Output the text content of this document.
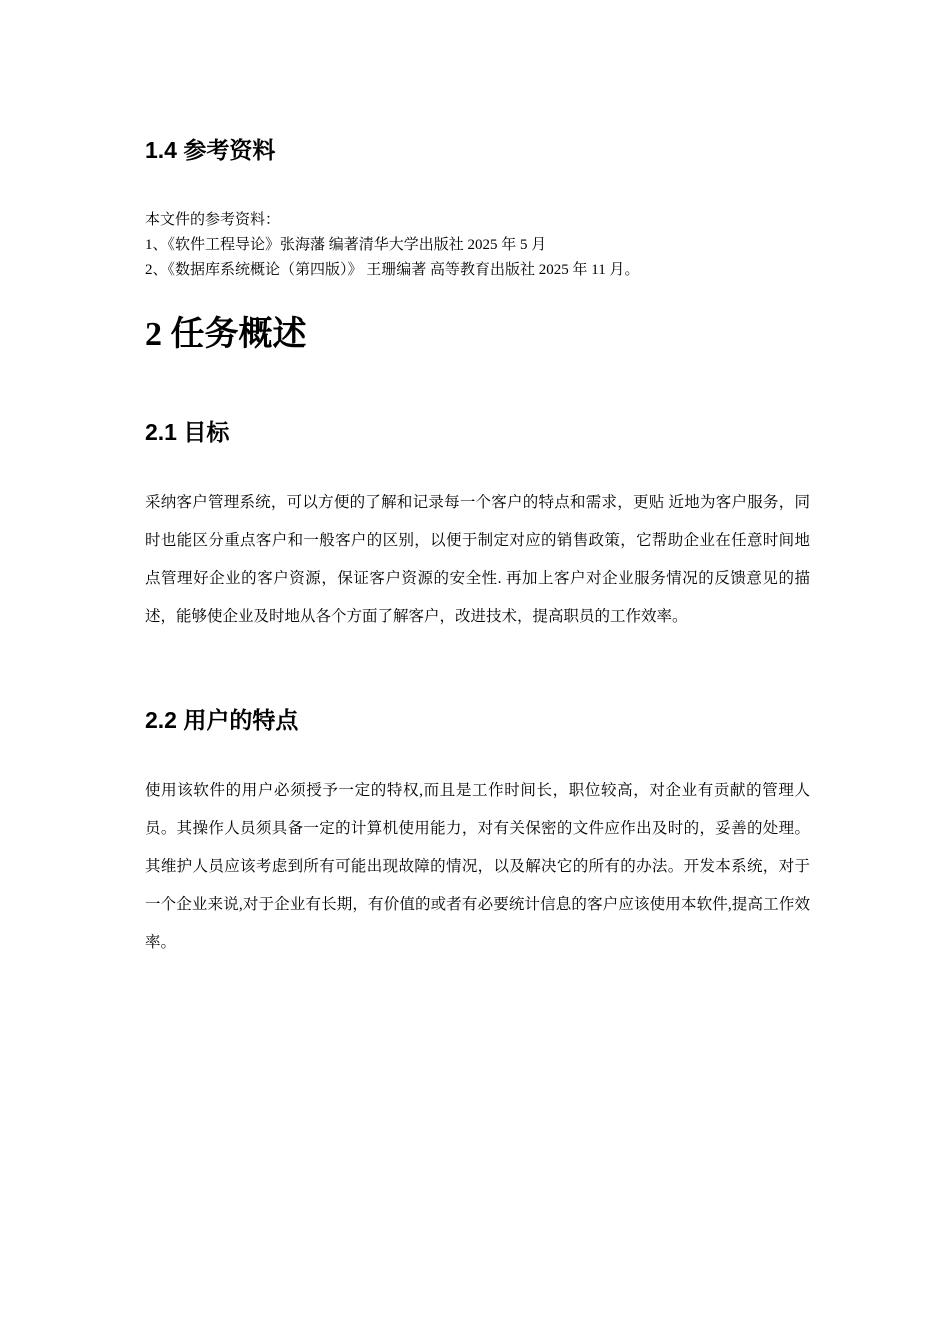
1.4 参考资料
本文件的参考资料：
1、《软件工程导论》张海藩 编著清华大学出版社 2025 年 5 月
2、《数据库系统概论（第四版）》 王珊编著 高等教育出版社 2025 年 11 月。
2 任务概述
2.1 目标

采纳客户管理系统，可以方便的了解和记录每一个客户的特点和需求，更贴 近地为客户服务，同时也能区分重点客户和一般客户的区别，以便于制定对应的销售政策，它帮助企业在任意时间地点管理好企业的客户资源，保证客户资源的安全性. 再加上客户对企业服务情况的反馈意见的描述，能够使企业及时地从各个方面了解客户，改进技术，提高职员的工作效率。

2.2 用户的特点

使用该软件的用户必须授予一定的特权,而且是工作时间长，职位较高，对企业有贡献的管理人员。其操作人员须具备一定的计算机使用能力，对有关保密的文件应作出及时的，妥善的处理。其维护人员应该考虑到所有可能出现故障的情况，以及解决它的所有的办法。开发本系统，对于一个企业来说,对于企业有长期，有价值的或者有必要统计信息的客户应该使用本软件,提高工作效率。
